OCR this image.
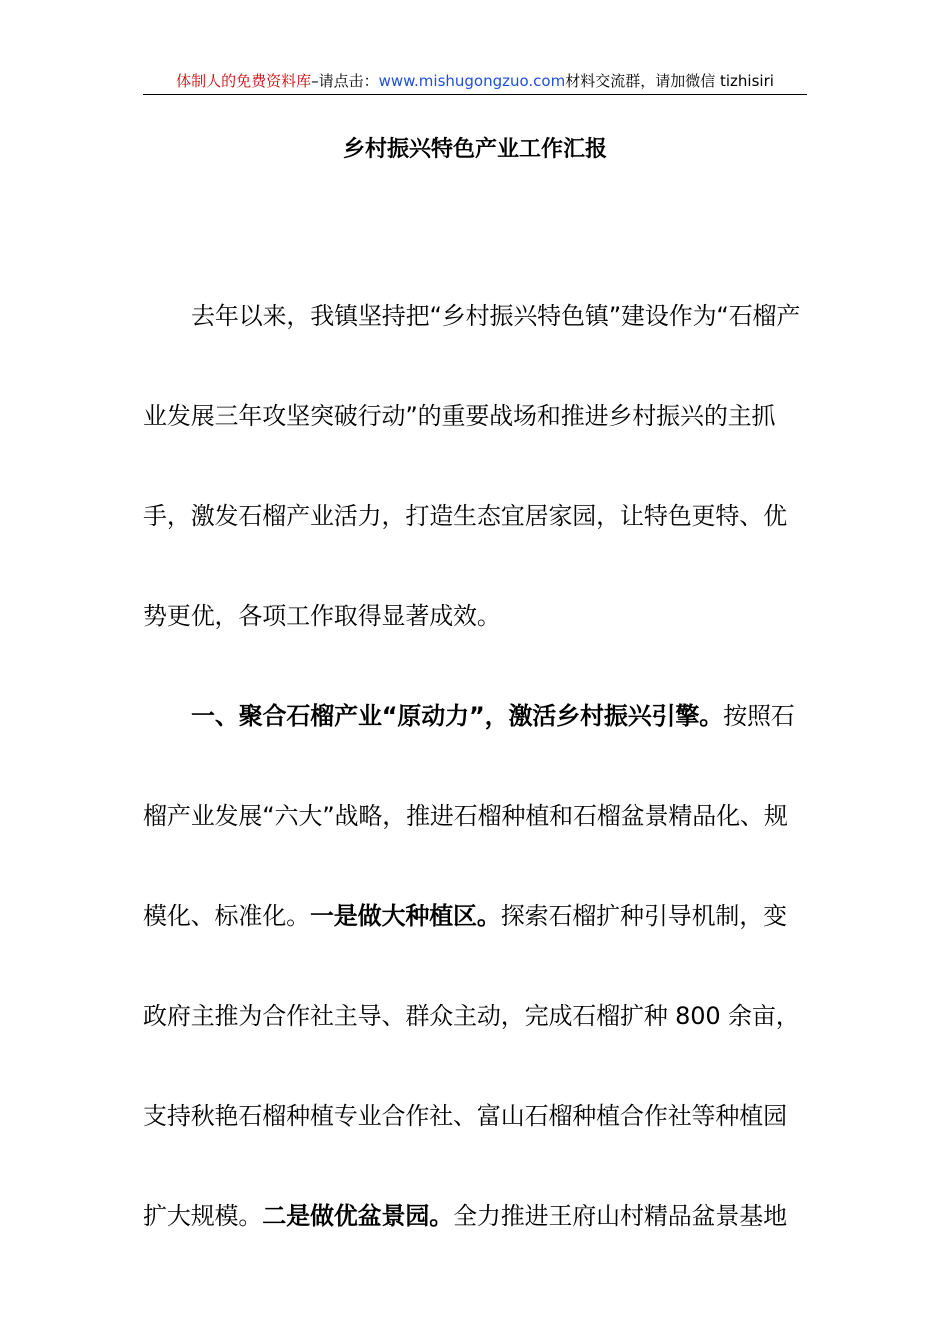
体制人的免费资料库–请点击：www.mishugongzuo.com材料交流群，请加微信 tizhisiri
乡村振兴特色产业工作汇报

去年以来，我镇坚持把“乡村振兴特色镇”建设作为“石榴产业发展三年攻坚突破行动”的重要战场和推进乡村振兴的主抓手，激发石榴产业活力，打造生态宜居家园，让特色更特、优势更优，各项工作取得显著成效。

一、聚合石榴产业“原动力”，激活乡村振兴引擎。按照石榴产业发展“六大”战略，推进石榴种植和石榴盆景精品化、规模化、标准化。一是做大种植区。探索石榴扩种引导机制，变政府主推为合作社主导、群众主动，完成石榴扩种 800 余亩，支持秋艳石榴种植专业合作社、富山石榴种植合作社等种植园扩大规模。二是做优盆景园。全力推进王府山村精品盆景基地
